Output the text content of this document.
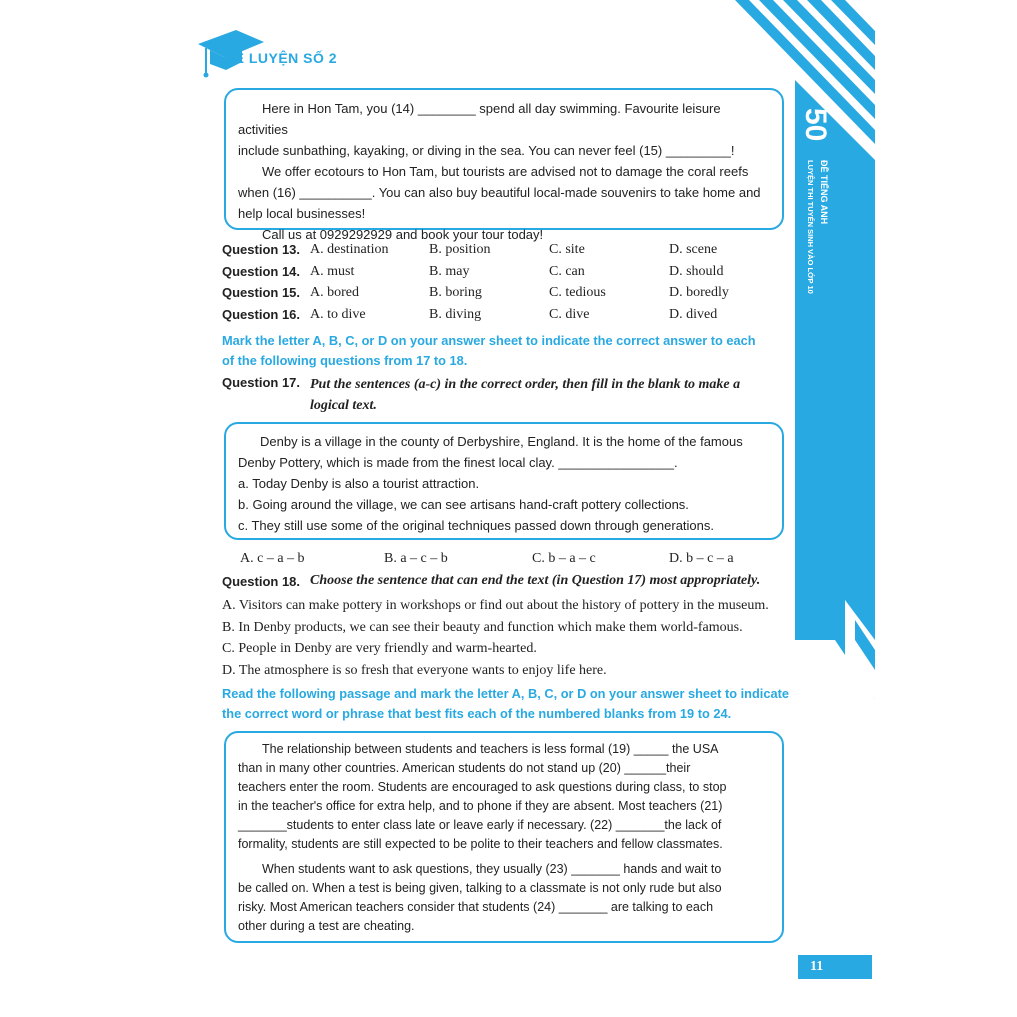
ĐỀ LUYỆN SỐ 2
50
ĐỀ TIẾNG ANH
LUYỆN THI TUYỂN SINH VÀO LỚP 10

Here in Hon Tam, you (14) ________ spend all day swimming. Favourite leisure activities

include sunbathing, kayaking, or diving in the sea. You can never feel (15) _________!

We offer ecotours to Hon Tam, but tourists are advised not to damage the coral reefs

when (16) __________. You can also buy beautiful local-made souvenirs to take home and

help local businesses!

Call us at 0929292929 and book your tour today!

Question 13. A. destination	B. position	C. site	D. scene
Question 14. A. must	B. may	C. can	D. should
Question 15. A. bored	B. boring	C. tedious	D. boredly
Question 16. A. to dive	B. diving	C. dive	D. dived
Mark the letter A, B, C, or D on your answer sheet to indicate the correct answer to each
of the following questions from 17 to 18.
Question 17. Put the sentences (a-c) in the correct order, then fill in the blank to make a
logical text.

Denby is a village in the county of Derbyshire, England. It is the home of the famous

Denby Pottery, which is made from the finest local clay. ________________.

a. Today Denby is also a tourist attraction.

b. Going around the village, we can see artisans hand-craft pottery collections.

c. They still use some of the original techniques passed down through generations.

A. c – a – b	B. a – c – b	C. b – a – c	D. b – c – a
Question 18. Choose the sentence that can end the text (in Question 17) most appropriately.
A. Visitors can make pottery in workshops or find out about the history of pottery in the museum.
B. In Denby products, we can see their beauty and function which make them world-famous.
C. People in Denby are very friendly and warm-hearted.
D. The atmosphere is so fresh that everyone wants to enjoy life here.
Read the following passage and mark the letter A, B, C, or D on your answer sheet to indicate
the correct word or phrase that best fits each of the numbered blanks from 19 to 24.

The relationship between students and teachers is less formal (19) _____ the USA

than in many other countries. American students do not stand up (20) ______their

teachers enter the room. Students are encouraged to ask questions during class, to stop

in the teacher's office for extra help, and to phone if they are absent. Most teachers (21)

_______students to enter class late or leave early if necessary. (22) _______the lack of

formality, students are still expected to be polite to their teachers and fellow classmates.

When students want to ask questions, they usually (23) _______ hands and wait to

be called on. When a test is being given, talking to a classmate is not only rude but also

risky. Most American teachers consider that students (24) _______ are talking to each

other during a test are cheating.

11
